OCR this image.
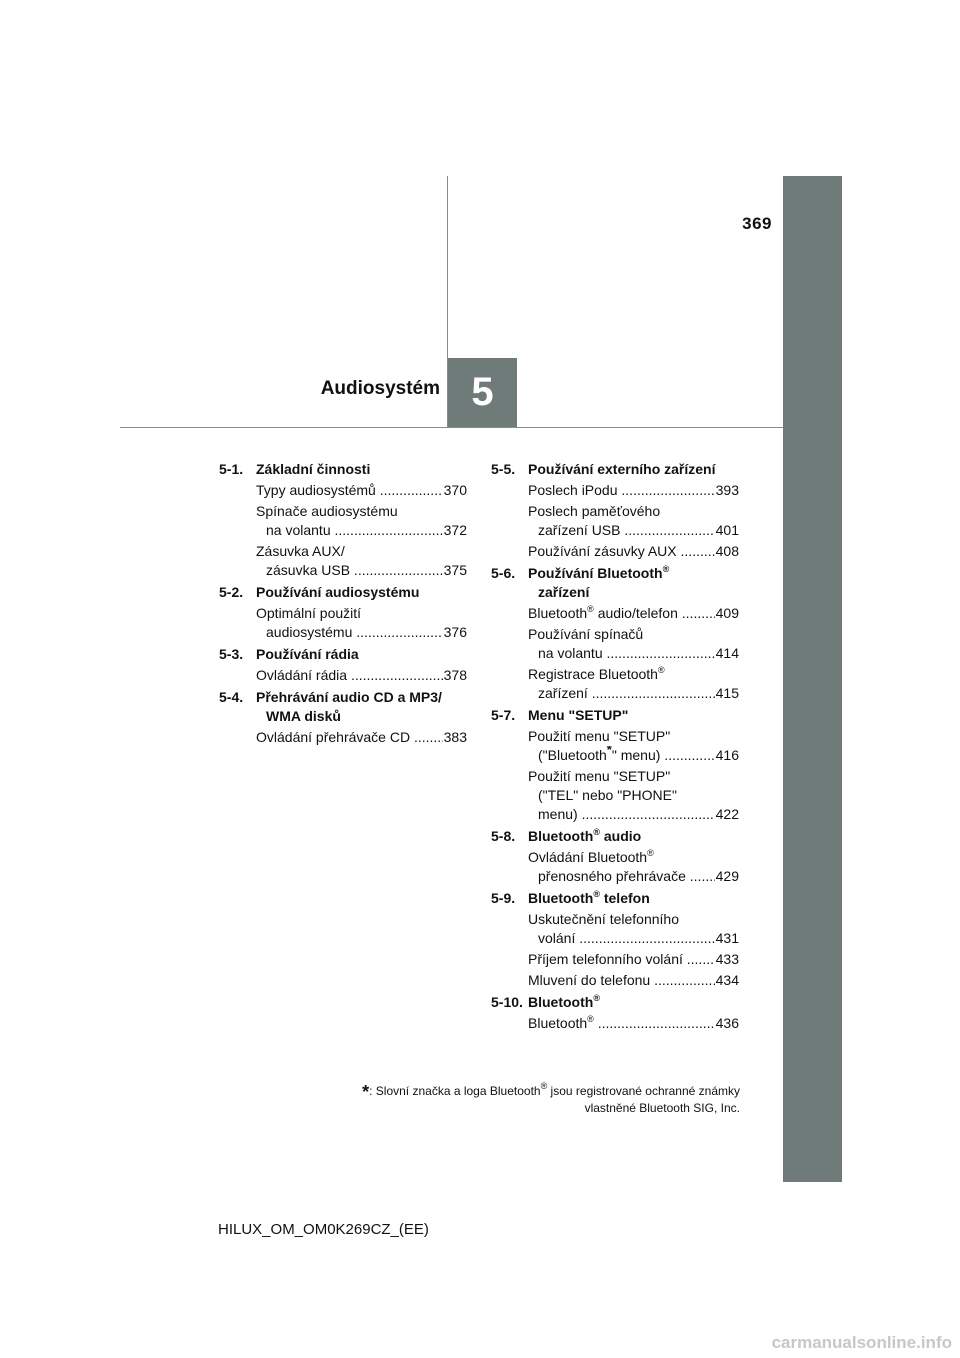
369
5
Audiosystém
5-1. Základní činnosti
Typy audiosystémů .....	370
Spínače audiosystému
na volantu .....	372
Zásuvka AUX/
zásuvka USB .....	375
5-2. Používání audiosystému
Optimální použití
audiosystému .....	376
5-3. Používání rádia
Ovládání rádia .....	378
5-4. Přehrávání audio CD a MP3/
WMA disků
Ovládání přehrávače CD .....	383
5-5. Používání externího zařízení
Poslech iPodu .....	393
Poslech paměťového
zařízení USB .....	401
Používání zásuvky AUX .....	408
5-6. Používání Bluetooth®
zařízení
Bluetooth® audio/telefon .....	409
Používání spínačů
na volantu .....	414
Registrace Bluetooth®
zařízení .....	415
5-7. Menu "SETUP"
Použití menu "SETUP"
("Bluetooth*" menu) .....	416
Použití menu "SETUP"
("TEL" nebo "PHONE"
menu) .....	422
5-8. Bluetooth® audio
Ovládání Bluetooth®
přenosného přehrávače .....	429
5-9. Bluetooth® telefon
Uskutečnění telefonního
volání .....	431
Příjem telefonního volání .....	433
Mluvení do telefonu .....	434
5-10. Bluetooth®
Bluetooth® .....	436
*: Slovní značka a loga Bluetooth® jsou registrované ochranné známky
vlastněné Bluetooth SIG, Inc.
HILUX_OM_OM0K269CZ_(EE)
carmanualsonline.info
